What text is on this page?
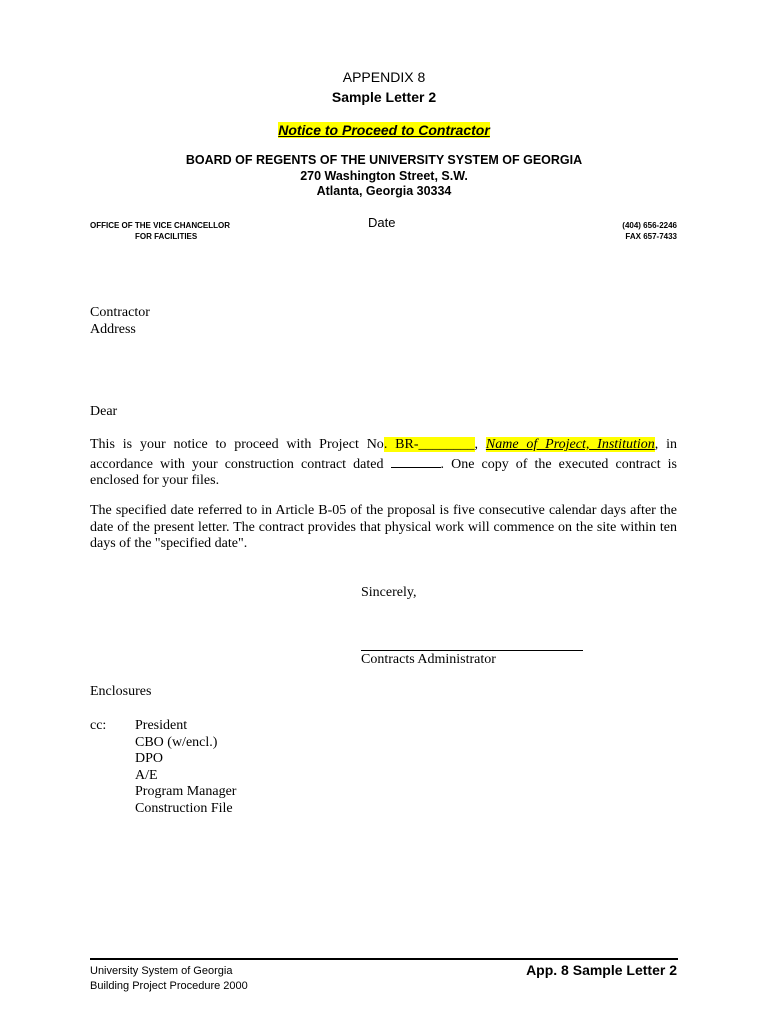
APPENDIX 8
Sample Letter 2
Notice to Proceed to Contractor
BOARD OF REGENTS OF THE UNIVERSITY SYSTEM OF GEORGIA
270 Washington Street, S.W.
Atlanta, Georgia 30334
OFFICE OF THE VICE CHANCELLOR
FOR FACILITIES
Date	(404) 656-2246
FAX 657-7433
Contractor
Address
Dear
This is your notice to proceed with Project No. BR-________, Name of Project, Institution, in accordance with your construction contract dated	. One copy of the executed contract is enclosed for your files.
The specified date referred to in Article B-05 of the proposal is five consecutive calendar days after the date of the present letter. The contract provides that physical work will commence on the site within ten days of the "specified date".
Sincerely,
Contracts Administrator
Enclosures
cc: President
CBO (w/encl.)
DPO
A/E
Program Manager
Construction File
University System of Georgia
Building Project Procedure 2000
App. 8 Sample Letter 2
